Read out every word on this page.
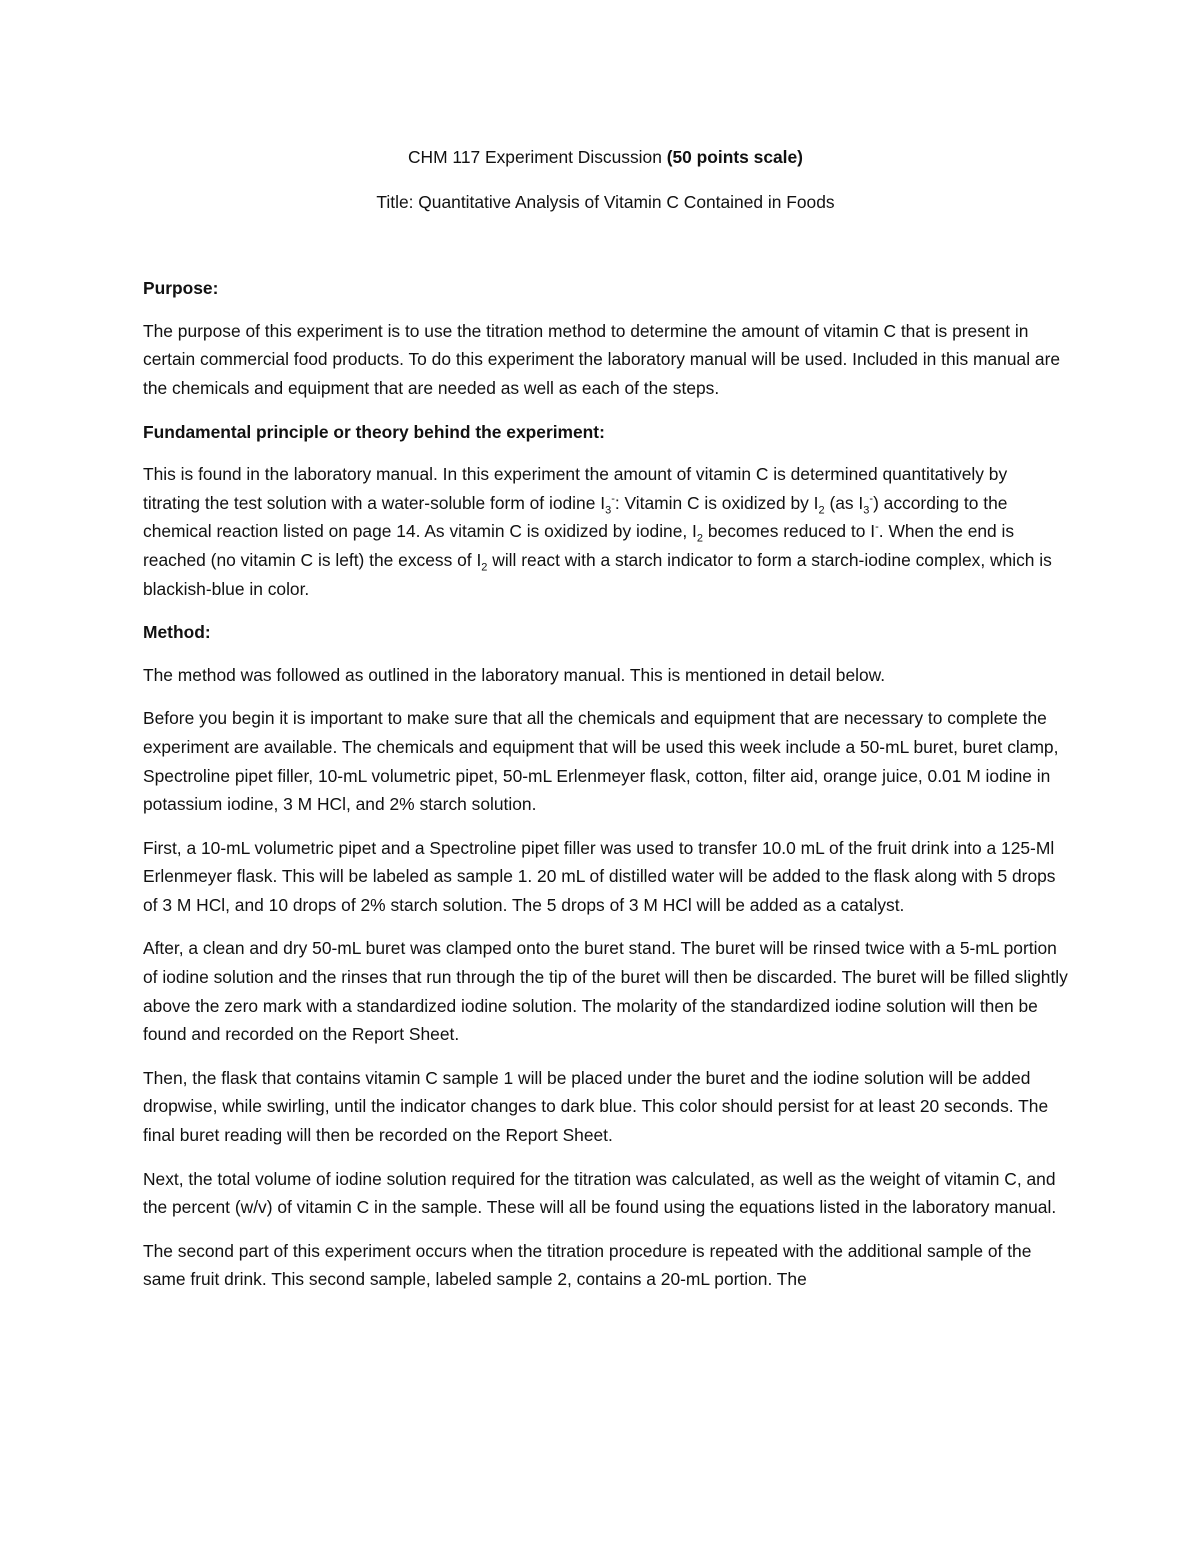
CHM 117 Experiment Discussion (50 points scale)
Title: Quantitative Analysis of Vitamin C Contained in Foods
Purpose:

The purpose of this experiment is to use the titration method to determine the amount of vitamin C that is present in certain commercial food products. To do this experiment the laboratory manual will be used. Included in this manual are the chemicals and equipment that are needed as well as each of the steps.

Fundamental principle or theory behind the experiment:

This is found in the laboratory manual. In this experiment the amount of vitamin C is determined quantitatively by titrating the test solution with a water-soluble form of iodine $I_3^-$: Vitamin C is oxidized by $I_2$ (as $I_3^-$) according to the chemical reaction listed on page 14. As vitamin C is oxidized by iodine, $I_2$ becomes reduced to I-. When the end is reached (no vitamin C is left) the excess of $I_2$ will react with a starch indicator to form a starch-iodine complex, which is blackish-blue in color.

Method:

The method was followed as outlined in the laboratory manual. This is mentioned in detail below.

Before you begin it is important to make sure that all the chemicals and equipment that are necessary to complete the experiment are available. The chemicals and equipment that will be used this week include a 50-mL buret, buret clamp, Spectroline pipet filler, 10-mL volumetric pipet, 50-mL Erlenmeyer flask, cotton, filter aid, orange juice, 0.01 M iodine in potassium iodine, 3 M HCl, and 2% starch solution.

First, a 10-mL volumetric pipet and a Spectroline pipet filler was used to transfer 10.0 mL of the fruit drink into a 125-Ml Erlenmeyer flask. This will be labeled as sample 1. 20 mL of distilled water will be added to the flask along with 5 drops of 3 M HCl, and 10 drops of 2% starch solution. The 5 drops of 3 M HCl will be added as a catalyst.

After, a clean and dry 50-mL buret was clamped onto the buret stand. The buret will be rinsed twice with a 5-mL portion of iodine solution and the rinses that run through the tip of the buret will then be discarded. The buret will be filled slightly above the zero mark with a standardized iodine solution. The molarity of the standardized iodine solution will then be found and recorded on the Report Sheet.

Then, the flask that contains vitamin C sample 1 will be placed under the buret and the iodine solution will be added dropwise, while swirling, until the indicator changes to dark blue. This color should persist for at least 20 seconds. The final buret reading will then be recorded on the Report Sheet.

Next, the total volume of iodine solution required for the titration was calculated, as well as the weight of vitamin C, and the percent (w/v) of vitamin C in the sample. These will all be found using the equations listed in the laboratory manual.

The second part of this experiment occurs when the titration procedure is repeated with the additional sample of the same fruit drink. This second sample, labeled sample 2, contains a 20-mL portion. The
